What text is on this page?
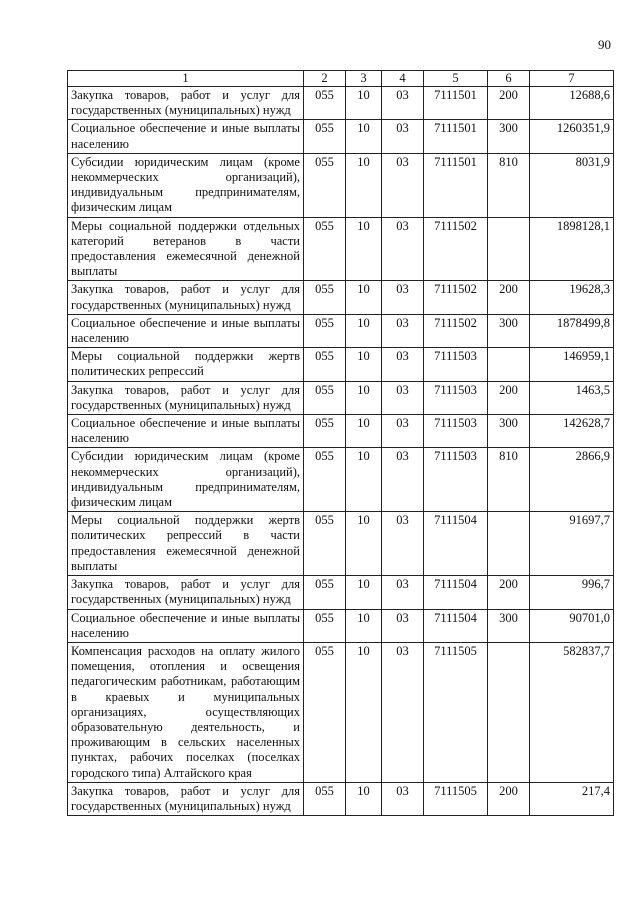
90
1	2	3	4	5	6	7
Закупка товаров, работ и услуг для государственных (муниципальных) нужд	055	10	03	7111501	200	12688,6
Социальное обеспечение и иные выплаты населению	055	10	03	7111501	300	1260351,9
Субсидии юридическим лицам (кроме некоммерческих организаций), индивидуальным предпринимателям, физическим лицам	055	10	03	7111501	810	8031,9
Меры социальной поддержки отдельных категорий ветеранов в части предоставления ежемесячной денежной выплаты	055	10	03	7111502		1898128,1
Закупка товаров, работ и услуг для государственных (муниципальных) нужд	055	10	03	7111502	200	19628,3
Социальное обеспечение и иные выплаты населению	055	10	03	7111502	300	1878499,8
Меры социальной поддержки жертв политических репрессий	055	10	03	7111503		146959,1
Закупка товаров, работ и услуг для государственных (муниципальных) нужд	055	10	03	7111503	200	1463,5
Социальное обеспечение и иные выплаты населению	055	10	03	7111503	300	142628,7
Субсидии юридическим лицам (кроме некоммерческих организаций), индивидуальным предпринимателям, физическим лицам	055	10	03	7111503	810	2866,9
Меры социальной поддержки жертв политических репрессий в части предоставления ежемесячной денежной выплаты	055	10	03	7111504		91697,7
Закупка товаров, работ и услуг для государственных (муниципальных) нужд	055	10	03	7111504	200	996,7
Социальное обеспечение и иные выплаты населению	055	10	03	7111504	300	90701,0
Компенсация расходов на оплату жилого помещения, отопления и освещения педагогическим работникам, работающим в краевых и муниципальных организациях, осуществляющих образовательную деятельность, и проживающим в сельских населенных пунктах, рабочих поселках (поселках городского типа) Алтайского края	055	10	03	7111505		582837,7
Закупка товаров, работ и услуг для государственных (муниципальных) нужд	055	10	03	7111505	200	217,4
